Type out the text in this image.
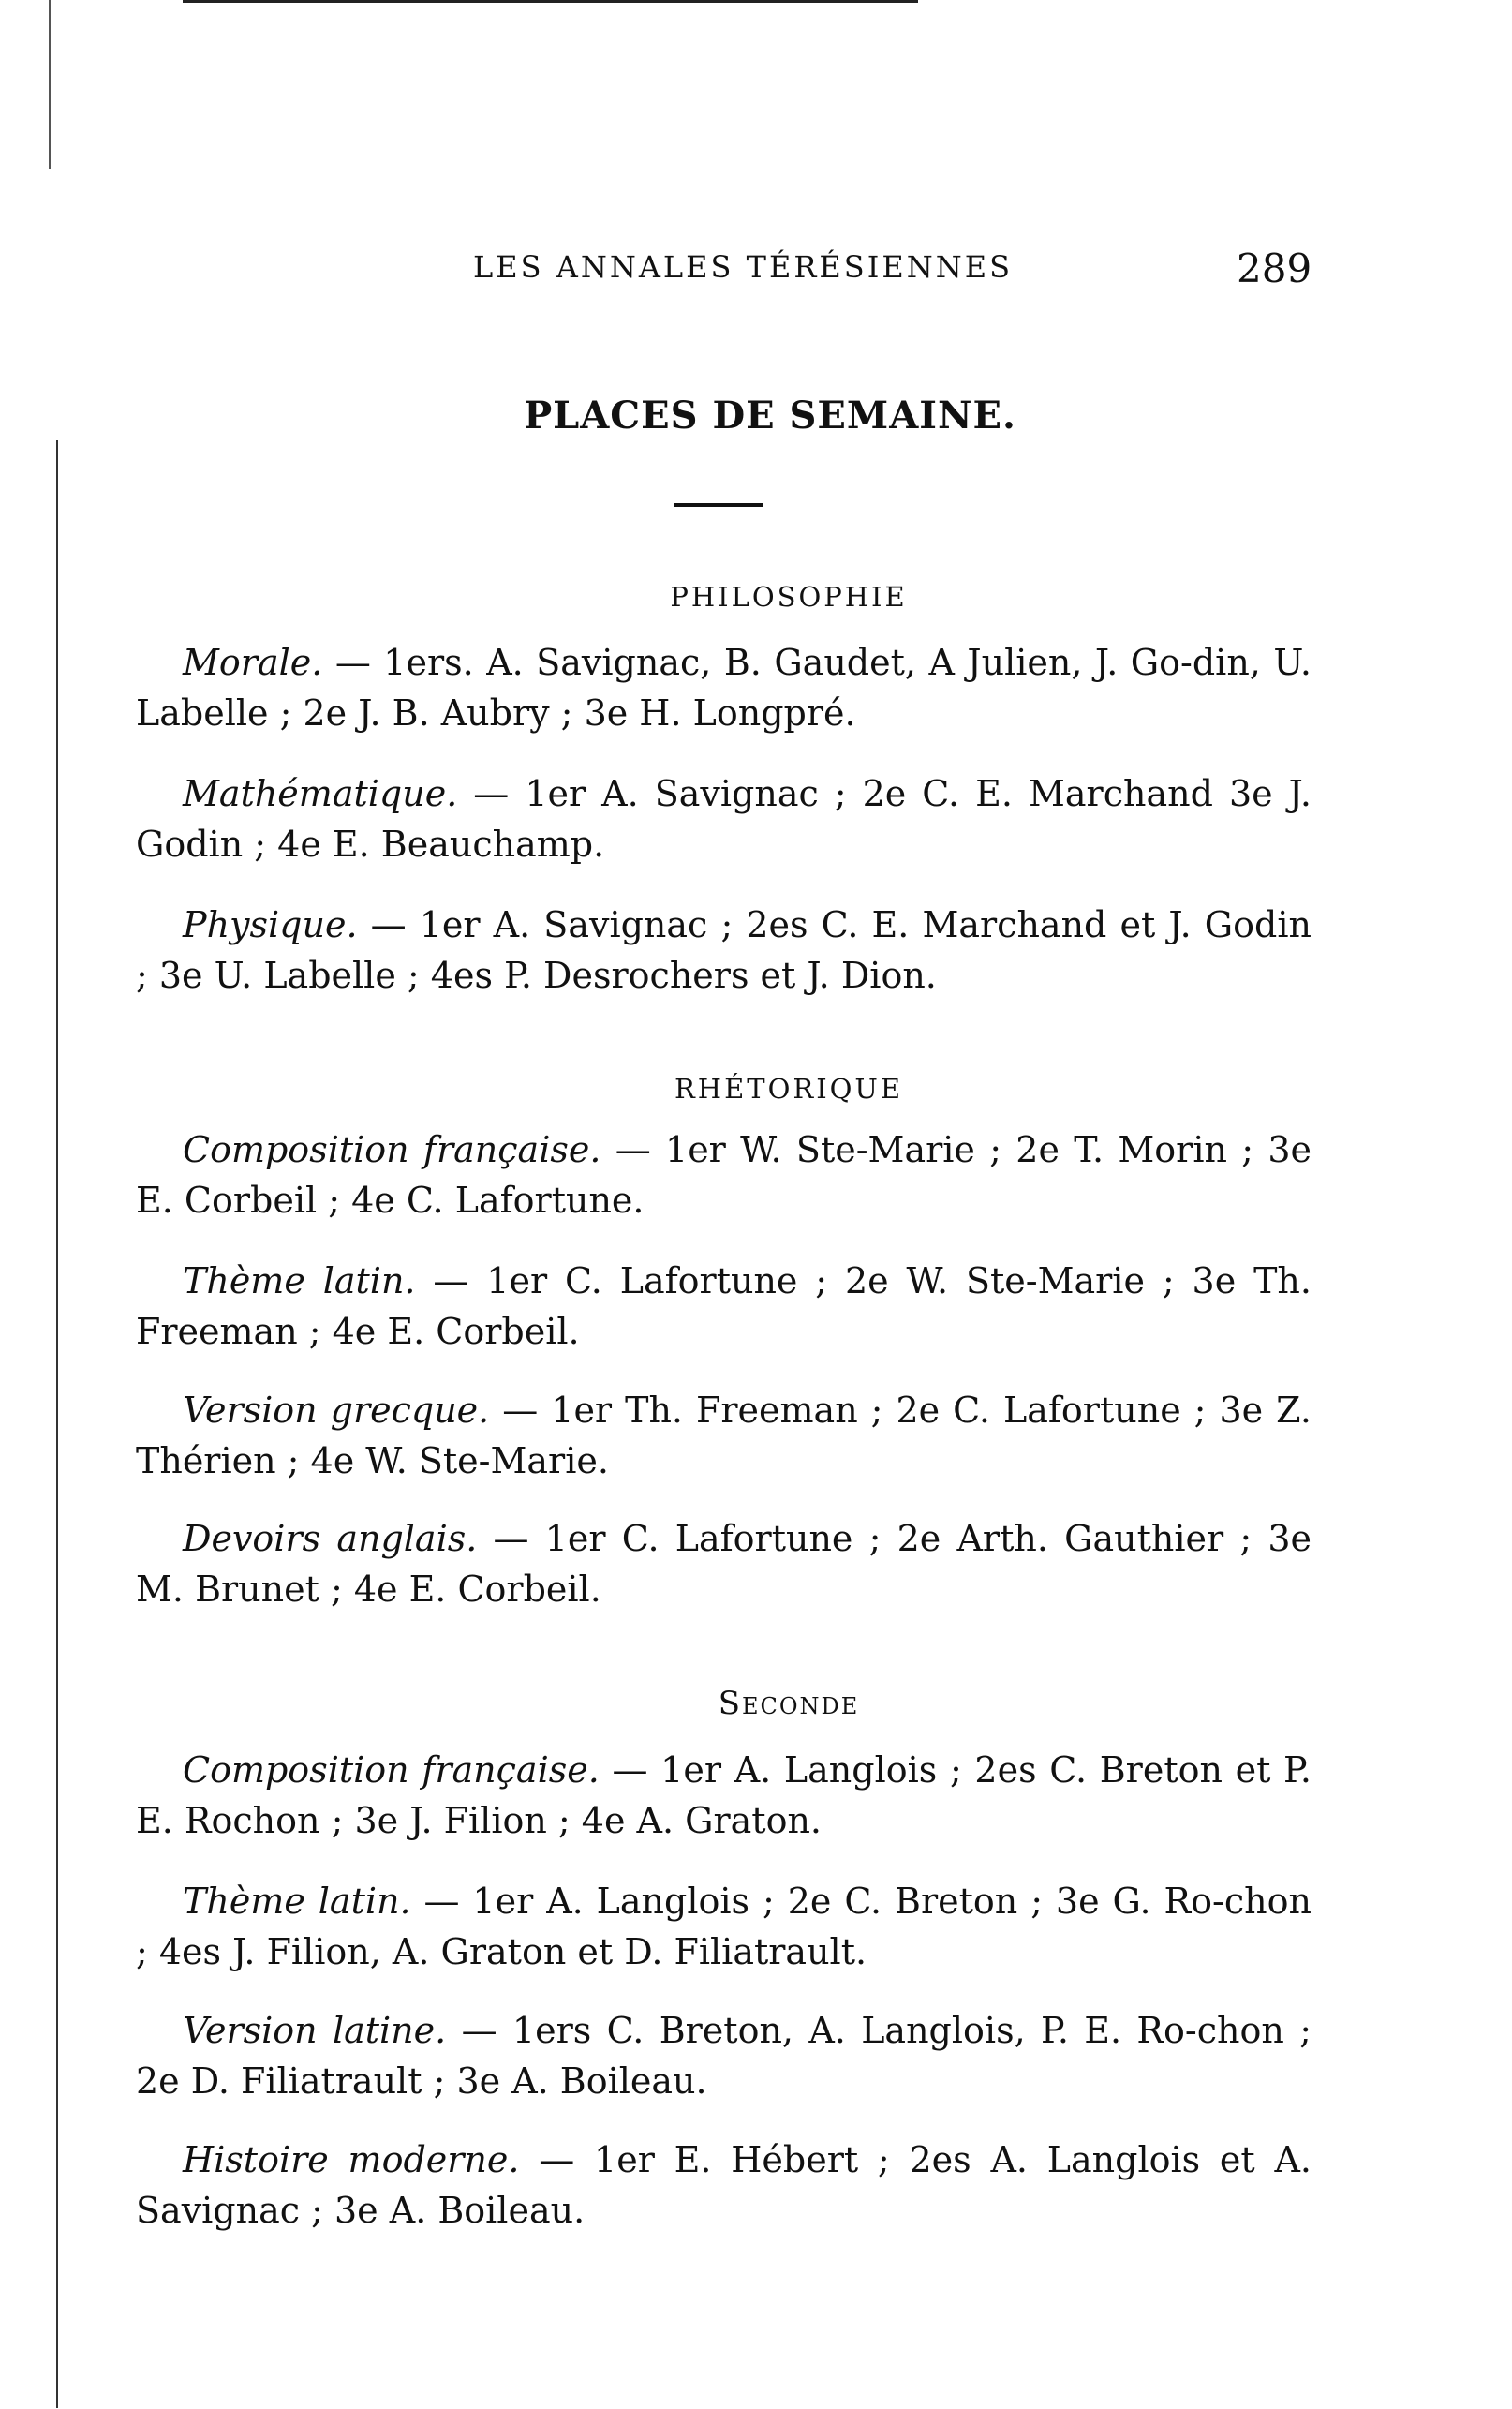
LES ANNALES TÉRÉSIENNES	289
PLACES DE SEMAINE.
PHILOSOPHIE

Morale. — 1ers. A. Savignac, B. Gaudet, A Julien, J. Go-din, U. Labelle ; 2e J. B. Aubry ; 3e H. Longpré.

Mathématique. — 1er A. Savignac ; 2e C. E. Marchand 3e J. Godin ; 4e E. Beauchamp.

Physique. — 1er A. Savignac ; 2es C. E. Marchand et J. Godin ; 3e U. Labelle ; 4es P. Desrochers et J. Dion.

RHÉTORIQUE

Composition française. — 1er W. Ste-Marie ; 2e T. Morin ; 3e E. Corbeil ; 4e C. Lafortune.

Thème latin. — 1er C. Lafortune ; 2e W. Ste-Marie ; 3e Th. Freeman ; 4e E. Corbeil.

Version grecque. — 1er Th. Freeman ; 2e C. Lafortune ; 3e Z. Thérien ; 4e W. Ste-Marie.

Devoirs anglais. — 1er C. Lafortune ; 2e Arth. Gauthier ; 3e M. Brunet ; 4e E. Corbeil.

Seconde

Composition française. — 1er A. Langlois ; 2es C. Breton et P. E. Rochon ; 3e J. Filion ; 4e A. Graton.

Thème latin. — 1er A. Langlois ; 2e C. Breton ; 3e G. Ro-chon ; 4es J. Filion, A. Graton et D. Filiatrault.

Version latine. — 1ers C. Breton, A. Langlois, P. E. Ro-chon ; 2e D. Filiatrault ; 3e A. Boileau.

Histoire moderne. — 1er E. Hébert ; 2es A. Langlois et A. Savignac ; 3e A. Boileau.
